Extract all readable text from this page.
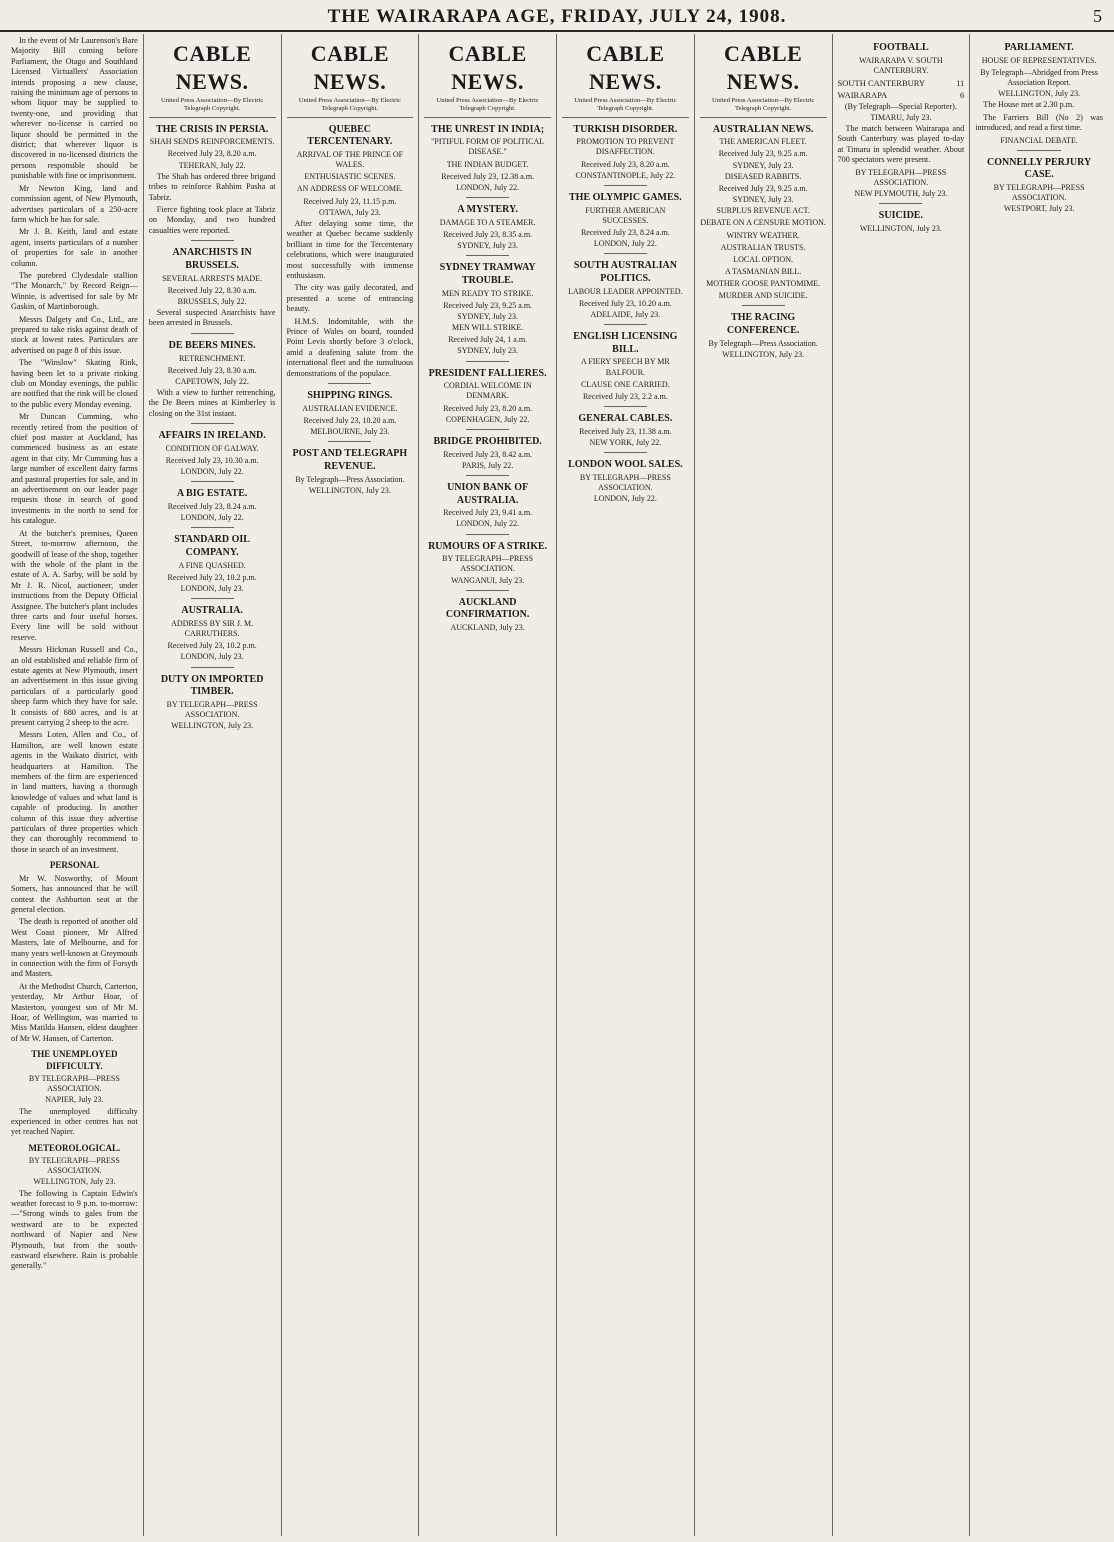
THE WAIRARAPA AGE, FRIDAY, JULY 24, 1908.	5

In the event of Mr Laurenson's Bare Majority Bill coming before Parliament, the Otago and Southland Licensed Victuallers' Association intends proposing a new clause, raising the minimum age of persons to whom liquor may be supplied to twenty-one, and providing that wherever no-license is carried no liquor should be permitted in the district; that wherever liquor is discovered in no-licensed districts the persons responsible should be punishable with fine or imprisonment.

Mr Newton King, land and commission agent, of New Plymouth, advertises particulars of a 250-acre farm which he has for sale.

Mr J. B. Keith, land and estate agent, inserts particulars of a number of properties for sale in another column.

The purebred Clydesdale stallion "The Monarch," by Record Reign—Winnie, is advertised for sale by Mr Gaskin, of Martinborough.

Messrs Dalgety and Co., Ltd., are prepared to take risks against death of stock at lowest rates. Particulars are advertised on page 8 of this issue.

The "Winslow" Skating Rink, having been let to a private rinking club on Monday evenings, the public are notified that the rink will be closed to the public every Monday evening.

Mr Duncan Cumming, who recently retired from the position of chief post master at Auckland, has commenced business as an estate agent in that city. Mr Cumming has a large number of excellent dairy farms and pastoral properties for sale, and in an advertisement on our leader page requests those in search of good investments in the north to send for his catalogue.

At the butcher's premises, Queen Street, to-morrow afternoon, the goodwill of lease of the shop, together with the whole of the plant in the estate of A. A. Sarby, will be sold by Mr J. R. Nicol, auctioneer, under instructions from the Deputy Official Assignee. The butcher's plant includes three carts and four useful horses. Every line will be sold without reserve.

Messrs Hickman Russell and Co., an old established and reliable firm of estate agents at New Plymouth, insert an advertisement in this issue giving particulars of a particularly good sheep farm which they have for sale. It consists of 680 acres, and is at present carrying 2 sheep to the acre.

Messrs Loten, Allen and Co., of Hamilton, are well known estate agents in the Waikato district, with headquarters at Hamilton. The members of the firm are experienced in land matters, having a thorough knowledge of values and what land is capable of producing. In another column of this issue they advertise particulars of three properties which they can thoroughly recommend to those in search of an investment.

PERSONAL

Mr W. Nosworthy, of Mount Somers, has announced that he will contest the Ashburton seat at the general election.

The death is reported of another old West Coast pioneer, Mr Alfred Masters, late of Melbourne, and for many years well-known at Greymouth in connection with the firm of Forsyth and Masters.

At the Methodist Church, Carterton, yesterday, Mr Arthur Hoar, of Masterton, youngest son of Mr M. Hoar, of Wellington, was married to Miss Matilda Hansen, eldest daughter of Mr W. Hansen, of Carterton.

THE UNEMPLOYED DIFFICULTY.
BY TELEGRAPH—PRESS ASSOCIATION.
NAPIER, July 23.

The unemployed difficulty experienced in other centres has not yet reached Napier.

METEOROLOGICAL.
BY TELEGRAPH—PRESS ASSOCIATION.
WELLINGTON, July 23.

The following is Captain Edwin's weather forecast to 9 p.m. to-morrow:—"Strong winds to gales from the westward are to be expected northward of Napier and New Plymouth, but from the south-eastward elsewhere. Rain is probable generally."

CABLE NEWS.
United Press Association—By Electric Telegraph Copyright.
THE CRISIS IN PERSIA.
SHAH SENDS REINFORCEMENTS.
Received July 23, 8.20 a.m.
TEHERAN, July 22.

The Shah has ordered three brigand tribes to reinforce Rahhim Pasha at Tabriz.

Fierce fighting took place at Tabriz on Monday, and two hundred casualties were reported.

ANARCHISTS IN BRUSSELS.
SEVERAL ARRESTS MADE.
Received July 22, 8.30 a.m.
BRUSSELS, July 22.

Several suspected Anarchists have been arrested in Brussels.

DE BEERS MINES.
RETRENCHMENT.
Received July 23, 8.30 a.m.
CAPETOWN, July 22.

With a view to further retrenching, the De Beers mines at Kimberley is closing on the 31st instant.

AFFAIRS IN IRELAND.
CONDITION OF GALWAY.
Received July 23, 10.30 a.m.
LONDON, July 22.
A BIG ESTATE.
Received July 23, 8.24 a.m.
LONDON, July 22.
STANDARD OIL COMPANY.
A FINE QUASHED.
Received July 23, 10.2 p.m.
LONDON, July 23.
AUSTRALIA.
ADDRESS BY SIR J. M. CARRUTHERS.
Received July 23, 10.2 p.m.
LONDON, July 23.
DUTY ON IMPORTED TIMBER.
BY TELEGRAPH—PRESS ASSOCIATION.
WELLINGTON, July 23.
CABLE NEWS.
United Press Association—By Electric Telegraph Copyright.
QUEBEC TERCENTENARY.
ARRIVAL OF THE PRINCE OF WALES.
ENTHUSIASTIC SCENES.
AN ADDRESS OF WELCOME.
Received July 23, 11.15 p.m.
OTTAWA, July 23.

After delaying some time, the weather at Quebec became suddenly brilliant in time for the Tercentenary celebrations, which were inaugurated most successfully with immense enthusiasm.

The city was gaily decorated, and presented a scene of entrancing beauty.

H.M.S. Indomitable, with the Prince of Wales on board, rounded Point Levis shortly before 3 o'clock, amid a deafening salute from the international fleet and the tumultuous demonstrations of the populace.

SHIPPING RINGS.
AUSTRALIAN EVIDENCE.
Received July 23, 10.20 a.m.
MELBOURNE, July 23.
POST AND TELEGRAPH REVENUE.
By Telegraph—Press Association.
WELLINGTON, July 23.
CABLE NEWS.
United Press Association—By Electric Telegraph Copyright.
THE UNREST IN INDIA;
"PITIFUL FORM OF POLITICAL DISEASE."
THE INDIAN BUDGET.
Received July 23, 12.38 a.m.
LONDON, July 22.
A MYSTERY.
DAMAGE TO A STEAMER.
Received July 23, 8.35 a.m.
SYDNEY, July 23.
SYDNEY TRAMWAY TROUBLE.
MEN READY TO STRIKE.
Received July 23, 9.25 a.m.
SYDNEY, July 23.
MEN WILL STRIKE.
Received July 24, 1 a.m.
SYDNEY, July 23.
PRESIDENT FALLIERES.
CORDIAL WELCOME IN DENMARK.
Received July 23, 8.20 a.m.
COPENHAGEN, July 22.
BRIDGE PROHIBITED.
Received July 23, 8.42 a.m.
PARIS, July 22.
UNION BANK OF AUSTRALIA.
Received July 23, 9.41 a.m.
LONDON, July 22.
RUMOURS OF A STRIKE.
BY TELEGRAPH—PRESS ASSOCIATION.
WANGANUI, July 23.
AUCKLAND CONFIRMATION.
AUCKLAND, July 23.
CABLE NEWS.
United Press Association—By Electric Telegraph Copyright.
TURKISH DISORDER.
PROMOTION TO PREVENT DISAFFECTION.
Received July 23, 8.20 a.m.
CONSTANTINOPLE, July 22.
THE OLYMPIC GAMES.
FURTHER AMERICAN SUCCESSES.
Received July 23, 8.24 a.m.
LONDON, July 22.
SOUTH AUSTRALIAN POLITICS.
LABOUR LEADER APPOINTED.
Received July 23, 10.20 a.m.
ADELAIDE, July 23.
ENGLISH LICENSING BILL.
A FIERY SPEECH BY MR BALFOUR.
CLAUSE ONE CARRIED.
Received July 23, 2.2 a.m.
GENERAL CABLES.
Received July 23, 11.38 a.m.
NEW YORK, July 22.
LONDON WOOL SALES.
BY TELEGRAPH—PRESS ASSOCIATION.
LONDON, July 22.
CABLE NEWS.
United Press Association—By Electric Telegraph Copyright.
AUSTRALIAN NEWS.
THE AMERICAN FLEET.
Received July 23, 9.25 a.m.
SYDNEY, July 23.
DISEASED RABBITS.
Received July 23, 9.25 a.m.
SYDNEY, July 23.
SURPLUS REVENUE ACT.
DEBATE ON A CENSURE MOTION.
WINTRY WEATHER.
AUSTRALIAN TRUSTS.
LOCAL OPTION.
A TASMANIAN BILL.
MOTHER GOOSE PANTOMIME.
MURDER AND SUICIDE.
THE RACING CONFERENCE.
By Telegraph—Press Association.
WELLINGTON, July 23.
FOOTBALL
WAIRARAPA V. SOUTH CANTERBURY.
SOUTH CANTERBURY	11
WAIRARAPA	6
(By Telegraph—Special Reporter).
TIMARU, July 23.

The match between Wairarapa and South Canterbury was played to-day at Timaru in splendid weather. About 700 spectators were present.

BY TELEGRAPH—PRESS ASSOCIATION.
NEW PLYMOUTH, July 23.
SUICIDE.
WELLINGTON, July 23.
PARLIAMENT.
HOUSE OF REPRESENTATIVES.
By Telegraph—Abridged from Press Association Report.
WELLINGTON, July 23.

The House met at 2.30 p.m.

The Farriers Bill (No 2) was introduced, and read a first time.

FINANCIAL DEBATE.
CONNELLY PERJURY CASE.
BY TELEGRAPH—PRESS ASSOCIATION.
WESTPORT, July 23.
